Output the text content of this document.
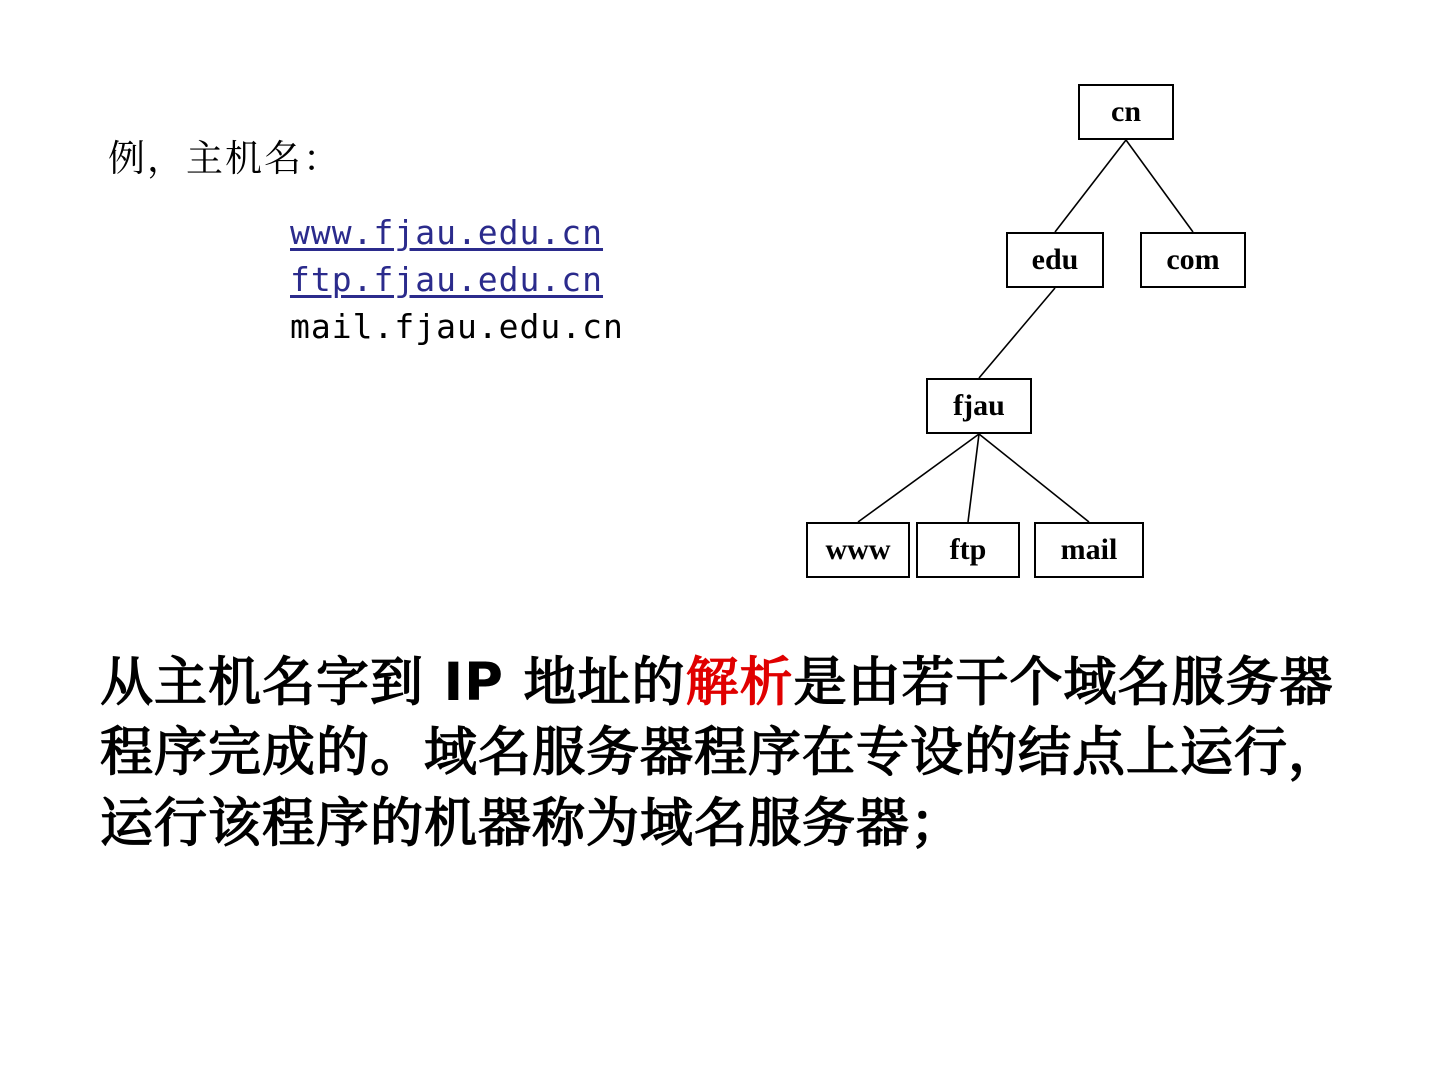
例，主机名：
www.fjau.edu.cn
ftp.fjau.edu.cn
mail.fjau.edu.cn
cn
edu	com
fjau
www	ftp	mail
从主机名字到 IP 地址的解析是由若干个域名服务器程序完成的。域名服务器程序在专设的结点上运行，运行该程序的机器称为域名服务器；
